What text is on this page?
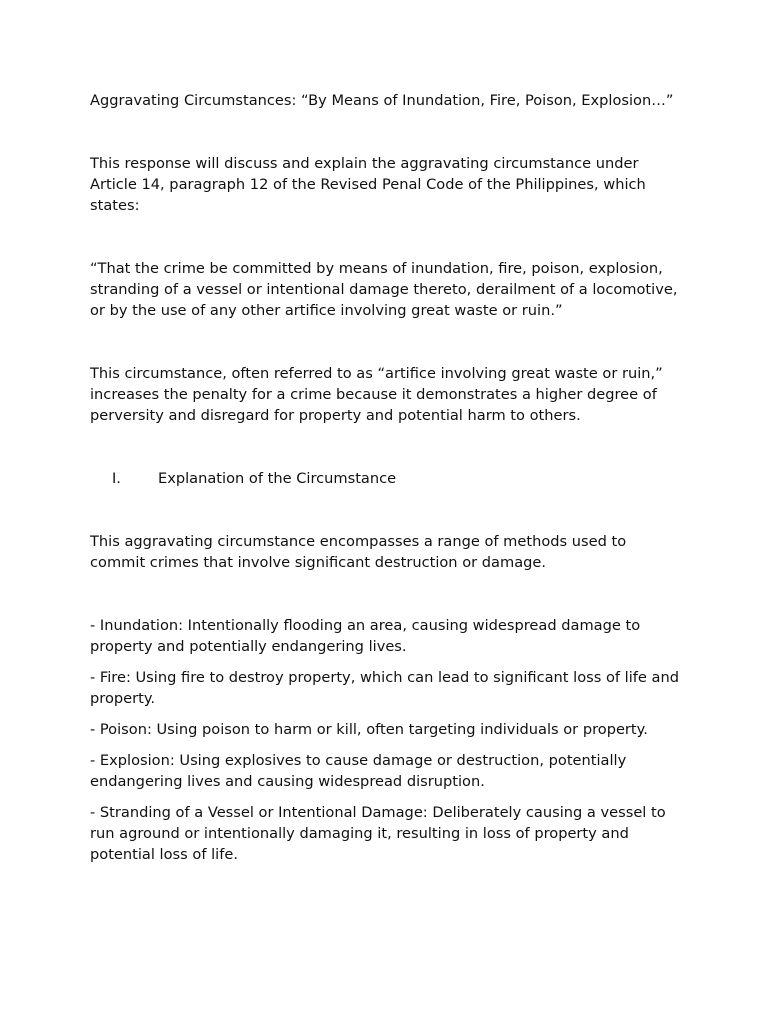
Aggravating Circumstances: “By Means of Inundation, Fire, Poison, Explosion…”

This response will discuss and explain the aggravating circumstance under Article 14, paragraph 12 of the Revised Penal Code of the Philippines, which states:

“That the crime be committed by means of inundation, fire, poison, explosion, stranding of a vessel or intentional damage thereto, derailment of a locomotive, or by the use of any other artifice involving great waste or ruin.”

This circumstance, often referred to as “artifice involving great waste or ruin,” increases the penalty for a crime because it demonstrates a higher degree of perversity and disregard for property and potential harm to others.

I.	Explanation of the Circumstance

This aggravating circumstance encompasses a range of methods used to commit crimes that involve significant destruction or damage.

- Inundation: Intentionally flooding an area, causing widespread damage to property and potentially endangering lives.

- Fire: Using fire to destroy property, which can lead to significant loss of life and property.

- Poison: Using poison to harm or kill, often targeting individuals or property.

- Explosion: Using explosives to cause damage or destruction, potentially endangering lives and causing widespread disruption.

- Stranding of a Vessel or Intentional Damage: Deliberately causing a vessel to run aground or intentionally damaging it, resulting in loss of property and potential loss of life.
